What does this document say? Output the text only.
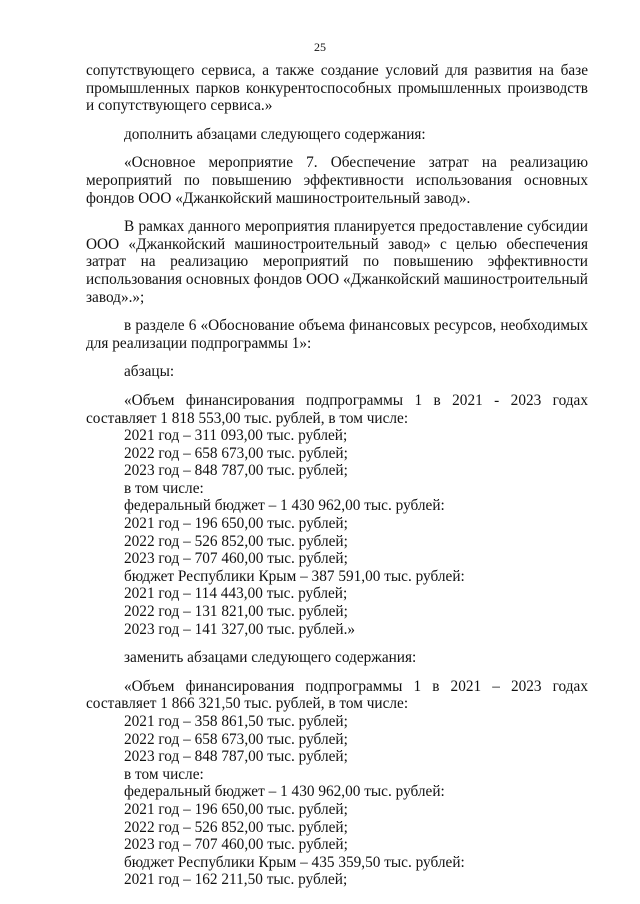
25

сопутствующего сервиса, а также создание условий для развития на базе промышленных парков конкурентоспособных промышленных производств и сопутствующего сервиса.»

дополнить абзацами следующего содержания:

«Основное мероприятие 7. Обеспечение затрат на реализацию мероприятий по повышению эффективности использования основных фондов ООО «Джанкойский машиностроительный завод».

В рамках данного мероприятия планируется предоставление субсидии ООО «Джанкойский машиностроительный завод» с целью обеспечения затрат на реализацию мероприятий по повышению эффективности использования основных фондов ООО «Джанкойский машиностроительный завод».»;

в разделе 6 «Обоснование объема финансовых ресурсов, необходимых для реализации подпрограммы 1»:

абзацы:

«Объем финансирования подпрограммы 1 в 2021 - 2023 годах составляет 1 818 553,00 тыс. рублей, в том числе:

2021 год – 311 093,00 тыс. рублей;

2022 год – 658 673,00 тыс. рублей;

2023 год – 848 787,00 тыс. рублей;

в том числе:

федеральный бюджет – 1 430 962,00 тыс. рублей:

2021 год – 196 650,00 тыс. рублей;

2022 год – 526 852,00 тыс. рублей;

2023 год – 707 460,00 тыс. рублей;

бюджет Республики Крым – 387 591,00 тыс. рублей:

2021 год – 114 443,00 тыс. рублей;

2022 год – 131 821,00 тыс. рублей;

2023 год – 141 327,00 тыс. рублей.»

заменить абзацами следующего содержания:

«Объем финансирования подпрограммы 1 в 2021 – 2023 годах составляет 1 866 321,50 тыс. рублей, в том числе:

2021 год – 358 861,50 тыс. рублей;

2022 год – 658 673,00 тыс. рублей;

2023 год – 848 787,00 тыс. рублей;

в том числе:

федеральный бюджет – 1 430 962,00 тыс. рублей:

2021 год – 196 650,00 тыс. рублей;

2022 год – 526 852,00 тыс. рублей;

2023 год – 707 460,00 тыс. рублей;

бюджет Республики Крым – 435 359,50 тыс. рублей:

2021 год – 162 211,50 тыс. рублей;
